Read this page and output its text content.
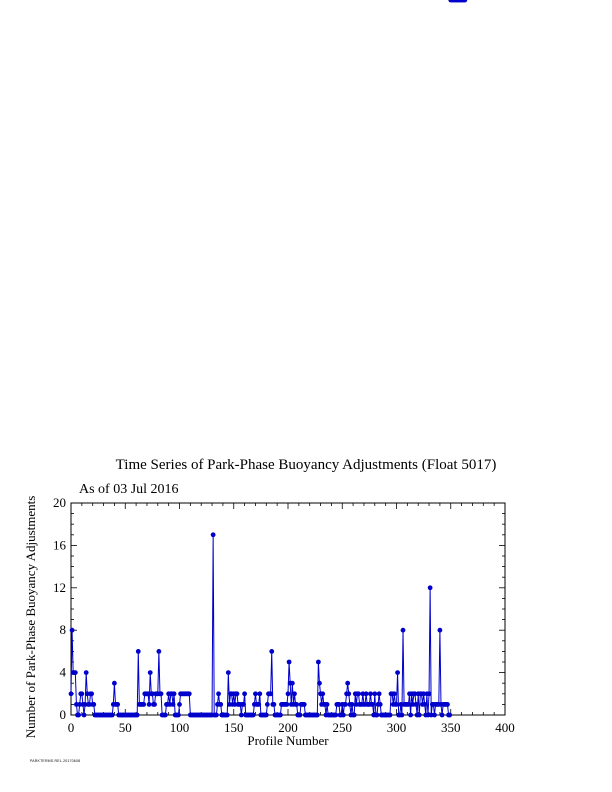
Time Series of Park-Phase Buoyancy Adjustments (Float 5017)
As of 03 Jul 2016
0	50	100	150	200	250	300	350	400
0
4
8
12
16
20
Profile Number
Number of Park-Phase Buoyancy Adjustments
PARKTERMS.REL.20170608
